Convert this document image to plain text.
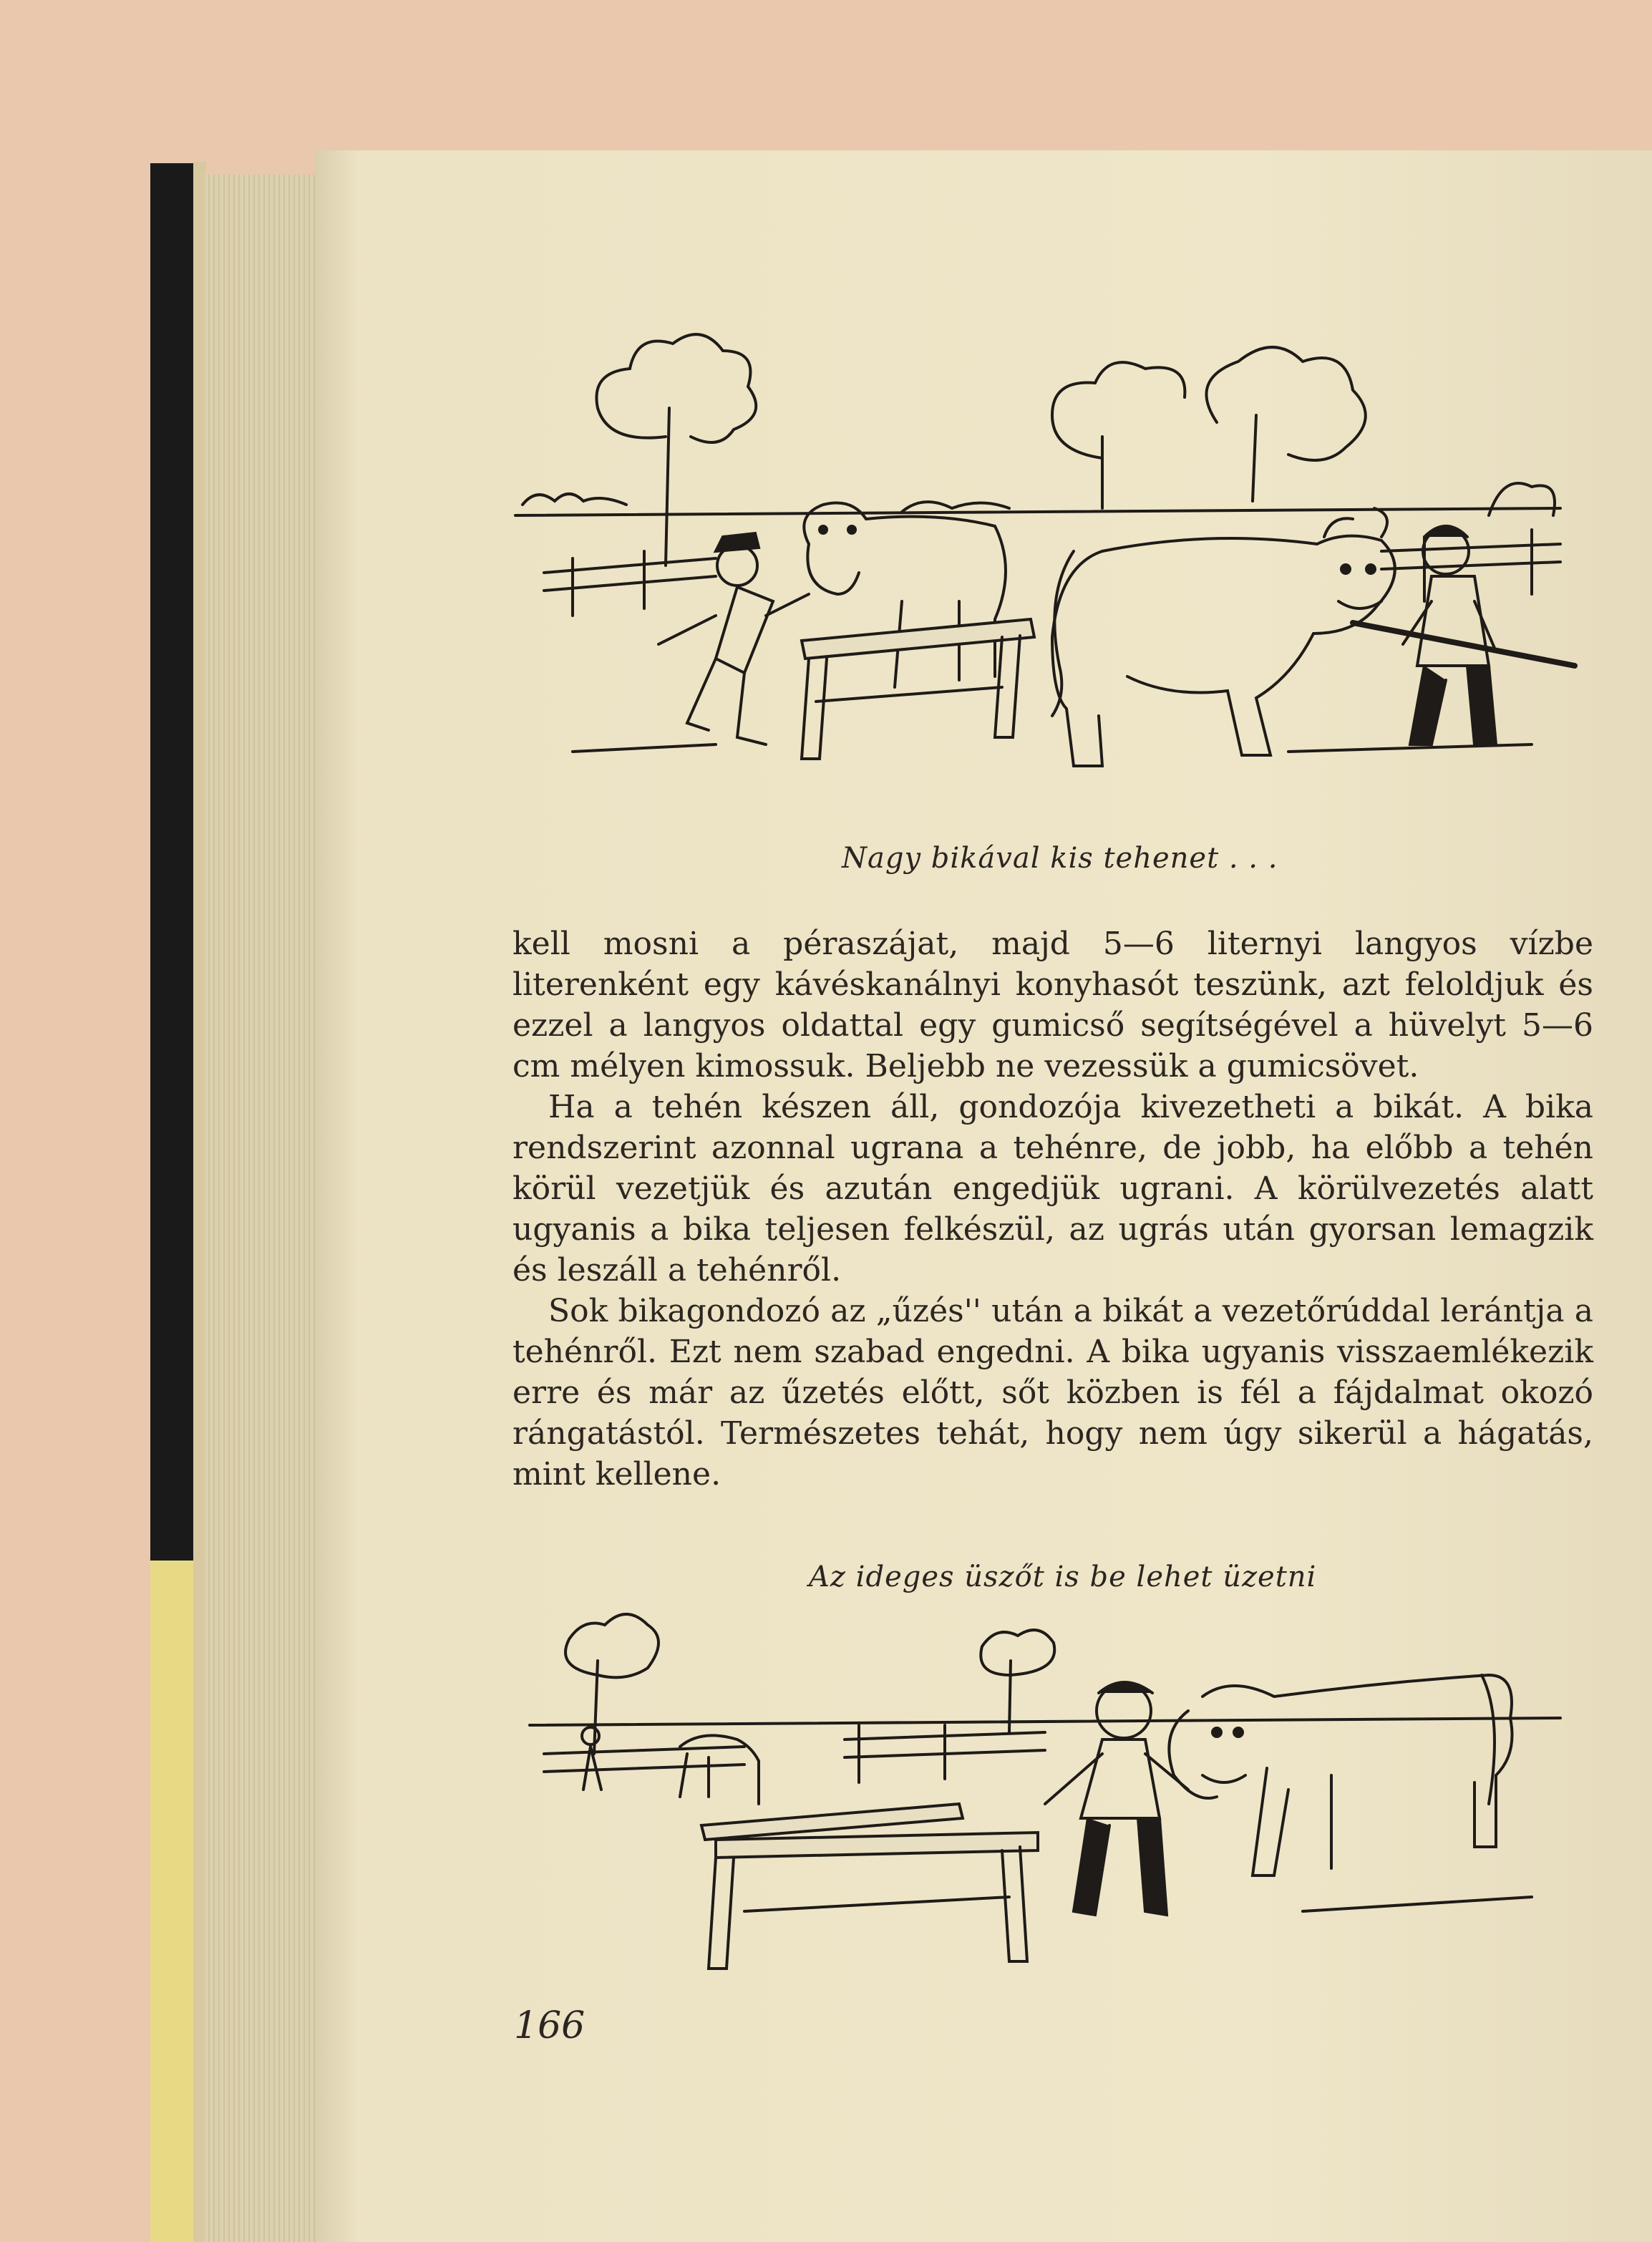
Nagy bikával kis tehenet . . .

kell mosni a péraszájat, majd 5—6 liternyi langyos vízbe literenként egy kávéskanálnyi konyhasót teszünk, azt feloldjuk és ezzel a langyos oldattal egy gumicső segítségével a hüvelyt 5—6 cm mélyen kimossuk. Beljebb ne vezessük a gumicsövet.

Ha a tehén készen áll, gondozója kivezetheti a bikát. A bika rendszerint azonnal ugrana a tehénre, de jobb, ha előbb a tehén körül vezetjük és azután engedjük ugrani. A körülvezetés alatt ugyanis a bika teljesen felkészül, az ugrás után gyorsan lemagzik és leszáll a tehénről.

Sok bikagondozó az „űzés'' után a bikát a vezetőrúddal lerántja a tehénről. Ezt nem szabad engedni. A bika ugyanis visszaemlékezik erre és már az űzetés előtt, sőt közben is fél a fájdalmat okozó rángatástól. Természetes tehát, hogy nem úgy sikerül a hágatás, mint kellene.

Az ideges üszőt is be lehet üzetni
166
